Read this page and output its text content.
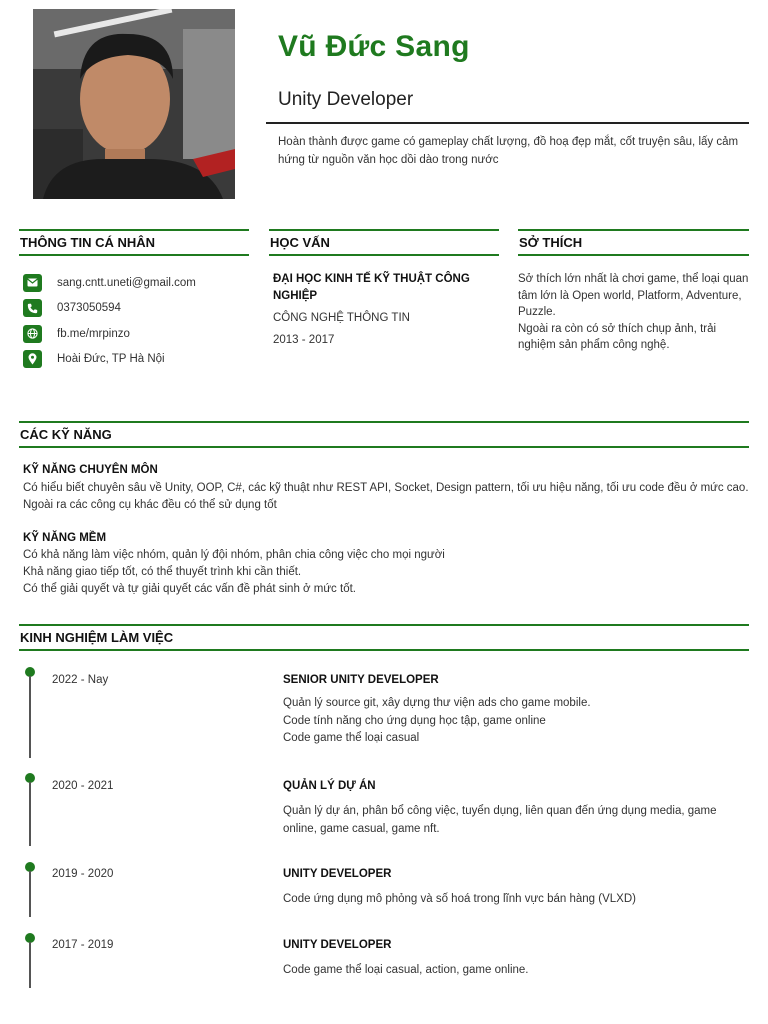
Vũ Đức Sang
Unity Developer
Hoàn thành được game có gameplay chất lượng, đồ hoạ đẹp mắt, cốt truyện sâu, lấy cảm hứng từ nguồn văn học dồi dào trong nước
THÔNG TIN CÁ NHÂN
sang.cntt.uneti@gmail.com
0373050594
fb.me/mrpinzo
Hoài Đức, TP Hà Nội
HỌC VẤN
ĐẠI HỌC KINH TẾ KỸ THUẬT CÔNG NGHIỆP
CÔNG NGHỆ THÔNG TIN
2013 - 2017
SỞ THÍCH
Sở thích lớn nhất là chơi game, thể loại quan tâm lớn là Open world, Platform, Adventure, Puzzle.
Ngoài ra còn có sở thích chụp ảnh, trải nghiệm sản phẩm công nghệ.
CÁC KỸ NĂNG
KỸ NĂNG CHUYÊN MÔN
Có hiểu biết chuyên sâu về Unity, OOP, C#, các kỹ thuật như REST API, Socket, Design pattern, tối ưu hiệu năng, tối ưu code đều ở mức cao. Ngoài ra các công cụ khác đều có thể sử dụng tốt
KỸ NĂNG MỀM
Có khả năng làm việc nhóm, quản lý đội nhóm, phân chia công việc cho mọi người
Khả năng giao tiếp tốt, có thể thuyết trình khi cần thiết.
Có thể giải quyết và tự giải quyết các vấn đề phát sinh ở mức tốt.
KINH NGHIỆM LÀM VIỆC
2022 - Nay	SENIOR UNITY DEVELOPER
Quản lý source git, xây dựng thư viện ads cho game mobile.
Code tính năng cho ứng dụng học tập, game online
Code game thể loại casual
2020 - 2021	QUẢN LÝ DỰ ÁN
Quản lý dự án, phân bổ công việc, tuyển dụng, liên quan đến ứng dụng media, game online, game casual, game nft.
2019 - 2020	UNITY DEVELOPER
Code ứng dụng mô phỏng và số hoá trong lĩnh vực bán hàng (VLXD)
2017 - 2019	UNITY DEVELOPER
Code game thể loại casual, action, game online.
